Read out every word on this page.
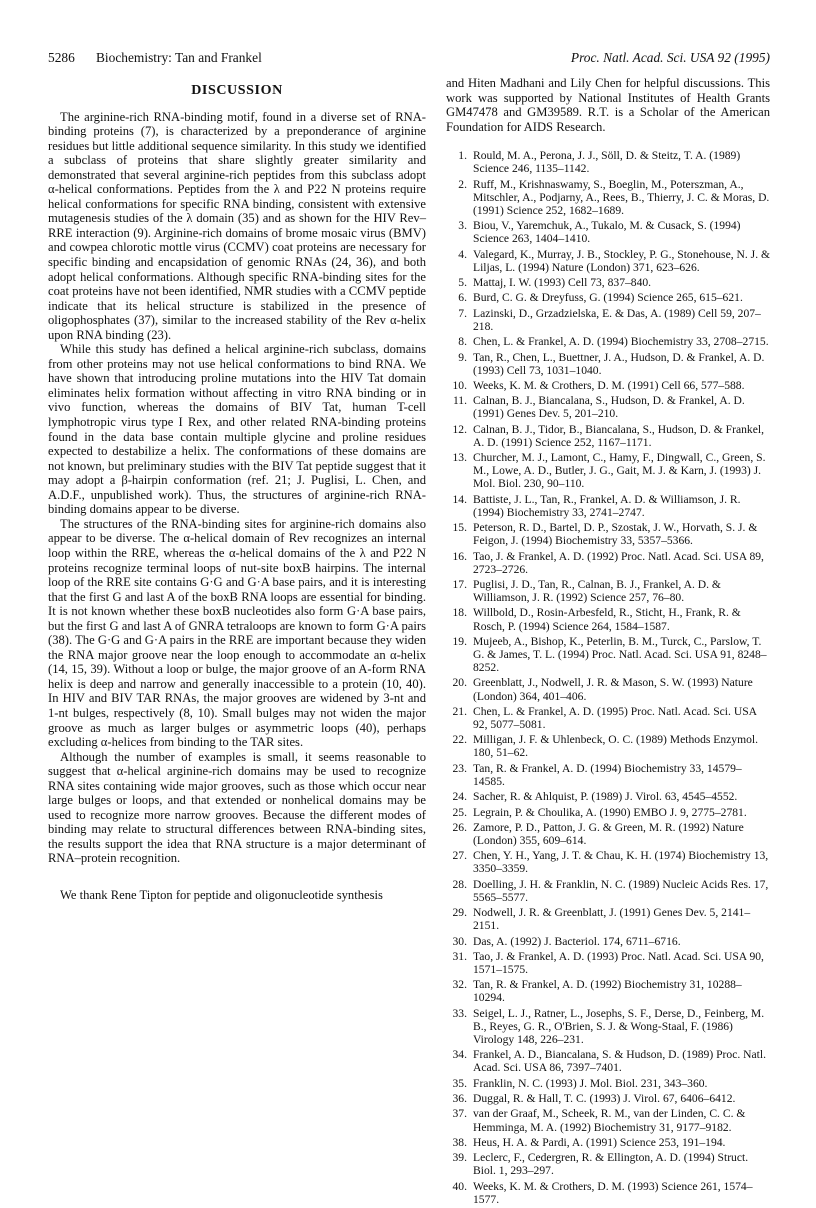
5286 Biochemistry: Tan and Frankel	Proc. Natl. Acad. Sci. USA 92 (1995)
DISCUSSION

The arginine-rich RNA-binding motif, found in a diverse set of RNA-binding proteins (7), is characterized by a preponderance of arginine residues but little additional sequence similarity. In this study we identified a subclass of proteins that share slightly greater similarity and demonstrated that several arginine-rich peptides from this subclass adopt α-helical conformations. Peptides from the λ and P22 N proteins require helical conformations for specific RNA binding, consistent with extensive mutagenesis studies of the λ domain (35) and as shown for the HIV Rev–RRE interaction (9). Arginine-rich domains of brome mosaic virus (BMV) and cowpea chlorotic mottle virus (CCMV) coat proteins are necessary for specific binding and encapsidation of genomic RNAs (24, 36), and both adopt helical conformations. Although specific RNA-binding sites for the coat proteins have not been identified, NMR studies with a CCMV peptide indicate that its helical structure is stabilized in the presence of oligophosphates (37), similar to the increased stability of the Rev α-helix upon RNA binding (23).

While this study has defined a helical arginine-rich subclass, domains from other proteins may not use helical conformations to bind RNA. We have shown that introducing proline mutations into the HIV Tat domain eliminates helix formation without affecting in vitro RNA binding or in vivo function, whereas the domains of BIV Tat, human T-cell lymphotropic virus type I Rex, and other related RNA-binding proteins found in the data base contain multiple glycine and proline residues expected to destabilize a helix. The conformations of these domains are not known, but preliminary studies with the BIV Tat peptide suggest that it may adopt a β-hairpin conformation (ref. 21; J. Puglisi, L. Chen, and A.D.F., unpublished work). Thus, the structures of arginine-rich RNA-binding domains appear to be diverse.

The structures of the RNA-binding sites for arginine-rich domains also appear to be diverse. The α-helical domain of Rev recognizes an internal loop within the RRE, whereas the α-helical domains of the λ and P22 N proteins recognize terminal loops of nut-site boxB hairpins. The internal loop of the RRE site contains G·G and G·A base pairs, and it is interesting that the first G and last A of the boxB RNA loops are essential for binding. It is not known whether these boxB nucleotides also form G·A base pairs, but the first G and last A of GNRA tetraloops are known to form G·A pairs (38). The G·G and G·A pairs in the RRE are important because they widen the RNA major groove near the loop enough to accommodate an α-helix (14, 15, 39). Without a loop or bulge, the major groove of an A-form RNA helix is deep and narrow and generally inaccessible to a protein (10, 40). In HIV and BIV TAR RNAs, the major grooves are widened by 3-nt and 1-nt bulges, respectively (8, 10). Small bulges may not widen the major groove as much as larger bulges or asymmetric loops (40), perhaps excluding α-helices from binding to the TAR sites.

Although the number of examples is small, it seems reasonable to suggest that α-helical arginine-rich domains may be used to recognize RNA sites containing wide major grooves, such as those which occur near large bulges or loops, and that extended or nonhelical domains may be used to recognize more narrow grooves. Because the different modes of binding may relate to structural differences between RNA-binding sites, the results support the idea that RNA structure is a major determinant of RNA–protein recognition.

We thank Rene Tipton for peptide and oligonucleotide synthesis

and Hiten Madhani and Lily Chen for helpful discussions. This work was supported by National Institutes of Health Grants GM47478 and GM39589. R.T. is a Scholar of the American Foundation for AIDS Research.

1. Rould, M. A., Perona, J. J., Söll, D. & Steitz, T. A. (1989) Science 246, 1135–1142.
2. Ruff, M., Krishnaswamy, S., Boeglin, M., Poterszman, A., Mitschler, A., Podjarny, A., Rees, B., Thierry, J. C. & Moras, D. (1991) Science 252, 1682–1689.
3. Biou, V., Yaremchuk, A., Tukalo, M. & Cusack, S. (1994) Science 263, 1404–1410.
4. Valegard, K., Murray, J. B., Stockley, P. G., Stonehouse, N. J. & Liljas, L. (1994) Nature (London) 371, 623–626.
5. Mattaj, I. W. (1993) Cell 73, 837–840.
6. Burd, C. G. & Dreyfuss, G. (1994) Science 265, 615–621.
7. Lazinski, D., Grzadzielska, E. & Das, A. (1989) Cell 59, 207–218.
8. Chen, L. & Frankel, A. D. (1994) Biochemistry 33, 2708–2715.
9. Tan, R., Chen, L., Buettner, J. A., Hudson, D. & Frankel, A. D. (1993) Cell 73, 1031–1040.
10. Weeks, K. M. & Crothers, D. M. (1991) Cell 66, 577–588.
11. Calnan, B. J., Biancalana, S., Hudson, D. & Frankel, A. D. (1991) Genes Dev. 5, 201–210.
12. Calnan, B. J., Tidor, B., Biancalana, S., Hudson, D. & Frankel, A. D. (1991) Science 252, 1167–1171.
13. Churcher, M. J., Lamont, C., Hamy, F., Dingwall, C., Green, S. M., Lowe, A. D., Butler, J. G., Gait, M. J. & Karn, J. (1993) J. Mol. Biol. 230, 90–110.
14. Battiste, J. L., Tan, R., Frankel, A. D. & Williamson, J. R. (1994) Biochemistry 33, 2741–2747.
15. Peterson, R. D., Bartel, D. P., Szostak, J. W., Horvath, S. J. & Feigon, J. (1994) Biochemistry 33, 5357–5366.
16. Tao, J. & Frankel, A. D. (1992) Proc. Natl. Acad. Sci. USA 89, 2723–2726.
17. Puglisi, J. D., Tan, R., Calnan, B. J., Frankel, A. D. & Williamson, J. R. (1992) Science 257, 76–80.
18. Willbold, D., Rosin-Arbesfeld, R., Sticht, H., Frank, R. & Rosch, P. (1994) Science 264, 1584–1587.
19. Mujeeb, A., Bishop, K., Peterlin, B. M., Turck, C., Parslow, T. G. & James, T. L. (1994) Proc. Natl. Acad. Sci. USA 91, 8248–8252.
20. Greenblatt, J., Nodwell, J. R. & Mason, S. W. (1993) Nature (London) 364, 401–406.
21. Chen, L. & Frankel, A. D. (1995) Proc. Natl. Acad. Sci. USA 92, 5077–5081.
22. Milligan, J. F. & Uhlenbeck, O. C. (1989) Methods Enzymol. 180, 51–62.
23. Tan, R. & Frankel, A. D. (1994) Biochemistry 33, 14579–14585.
24. Sacher, R. & Ahlquist, P. (1989) J. Virol. 63, 4545–4552.
25. Legrain, P. & Choulika, A. (1990) EMBO J. 9, 2775–2781.
26. Zamore, P. D., Patton, J. G. & Green, M. R. (1992) Nature (London) 355, 609–614.
27. Chen, Y. H., Yang, J. T. & Chau, K. H. (1974) Biochemistry 13, 3350–3359.
28. Doelling, J. H. & Franklin, N. C. (1989) Nucleic Acids Res. 17, 5565–5577.
29. Nodwell, J. R. & Greenblatt, J. (1991) Genes Dev. 5, 2141–2151.
30. Das, A. (1992) J. Bacteriol. 174, 6711–6716.
31. Tao, J. & Frankel, A. D. (1993) Proc. Natl. Acad. Sci. USA 90, 1571–1575.
32. Tan, R. & Frankel, A. D. (1992) Biochemistry 31, 10288–10294.
33. Seigel, L. J., Ratner, L., Josephs, S. F., Derse, D., Feinberg, M. B., Reyes, G. R., O'Brien, S. J. & Wong-Staal, F. (1986) Virology 148, 226–231.
34. Frankel, A. D., Biancalana, S. & Hudson, D. (1989) Proc. Natl. Acad. Sci. USA 86, 7397–7401.
35. Franklin, N. C. (1993) J. Mol. Biol. 231, 343–360.
36. Duggal, R. & Hall, T. C. (1993) J. Virol. 67, 6406–6412.
37. van der Graaf, M., Scheek, R. M., van der Linden, C. C. & Hemminga, M. A. (1992) Biochemistry 31, 9177–9182.
38. Heus, H. A. & Pardi, A. (1991) Science 253, 191–194.
39. Leclerc, F., Cedergren, R. & Ellington, A. D. (1994) Struct. Biol. 1, 293–297.
40. Weeks, K. M. & Crothers, D. M. (1993) Science 261, 1574–1577.
